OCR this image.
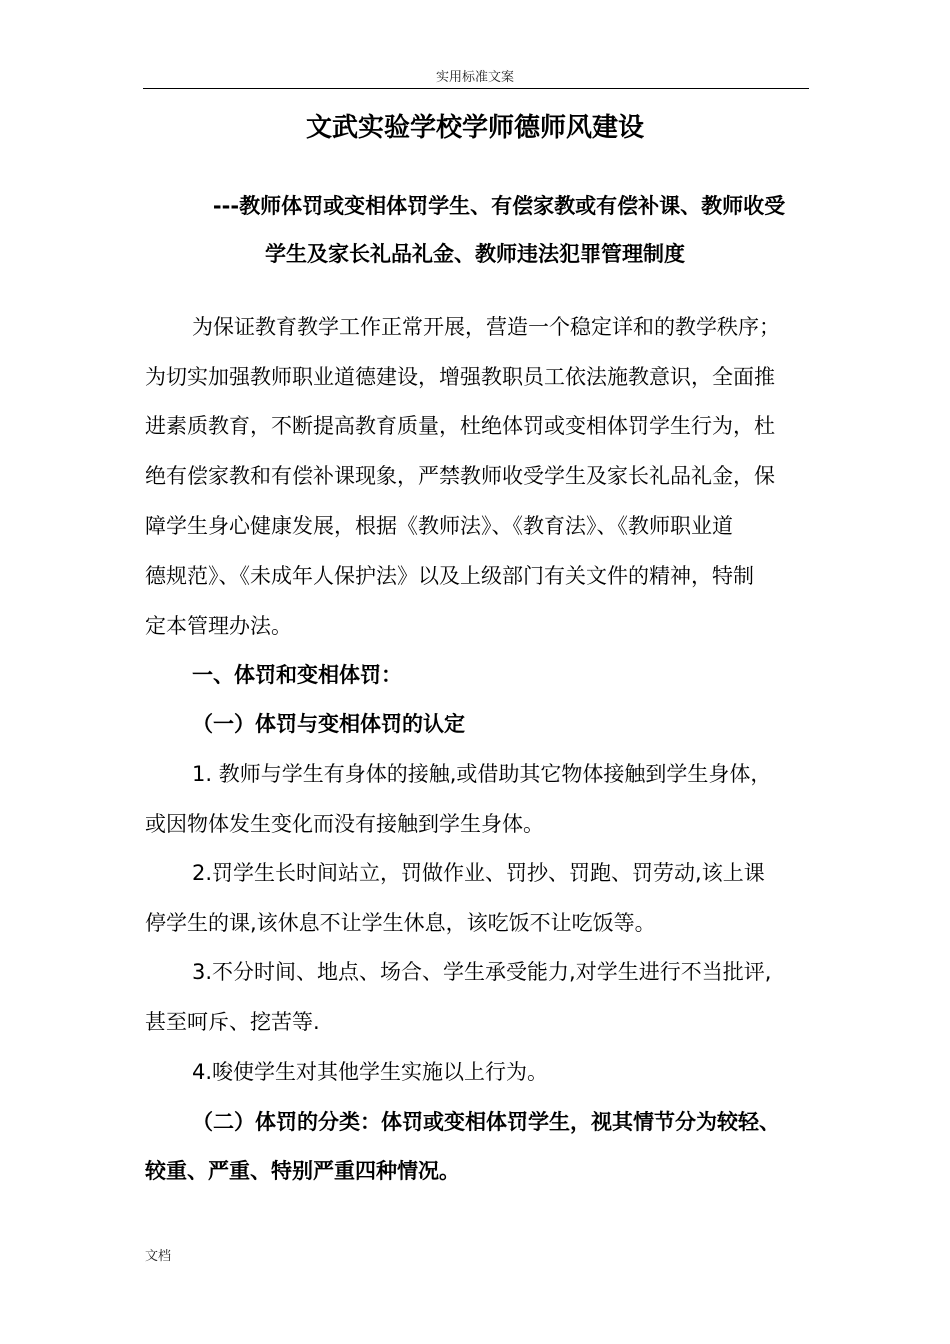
实用标准文案
文武实验学校学师德师风建设
---教师体罚或变相体罚学生、有偿家教或有偿补课、教师收受
学生及家长礼品礼金、教师违法犯罪管理制度
为保证教育教学工作正常开展，营造一个稳定详和的教学秩序；
为切实加强教师职业道德建设，增强教职员工依法施教意识，全面推
进素质教育，不断提高教育质量，杜绝体罚或变相体罚学生行为，杜
绝有偿家教和有偿补课现象，严禁教师收受学生及家长礼品礼金，保
障学生身心健康发展，根据《教师法》、《教育法》、《教师职业道
德规范》、《未成年人保护法》以及上级部门有关文件的精神，特制
定本管理办法。
一、体罚和变相体罚：
（一）体罚与变相体罚的认定
1. 教师与学生有身体的接触,或借助其它物体接触到学生身体，
或因物体发生变化而没有接触到学生身体。
2.罚学生长时间站立，罚做作业、罚抄、罚跑、罚劳动,该上课
停学生的课,该休息不让学生休息，该吃饭不让吃饭等。
3.不分时间、地点、场合、学生承受能力,对学生进行不当批评,
甚至呵斥、挖苦等.
4.唆使学生对其他学生实施以上行为。
（二）体罚的分类：体罚或变相体罚学生，视其情节分为较轻、
较重、严重、特别严重四种情况。
文档
